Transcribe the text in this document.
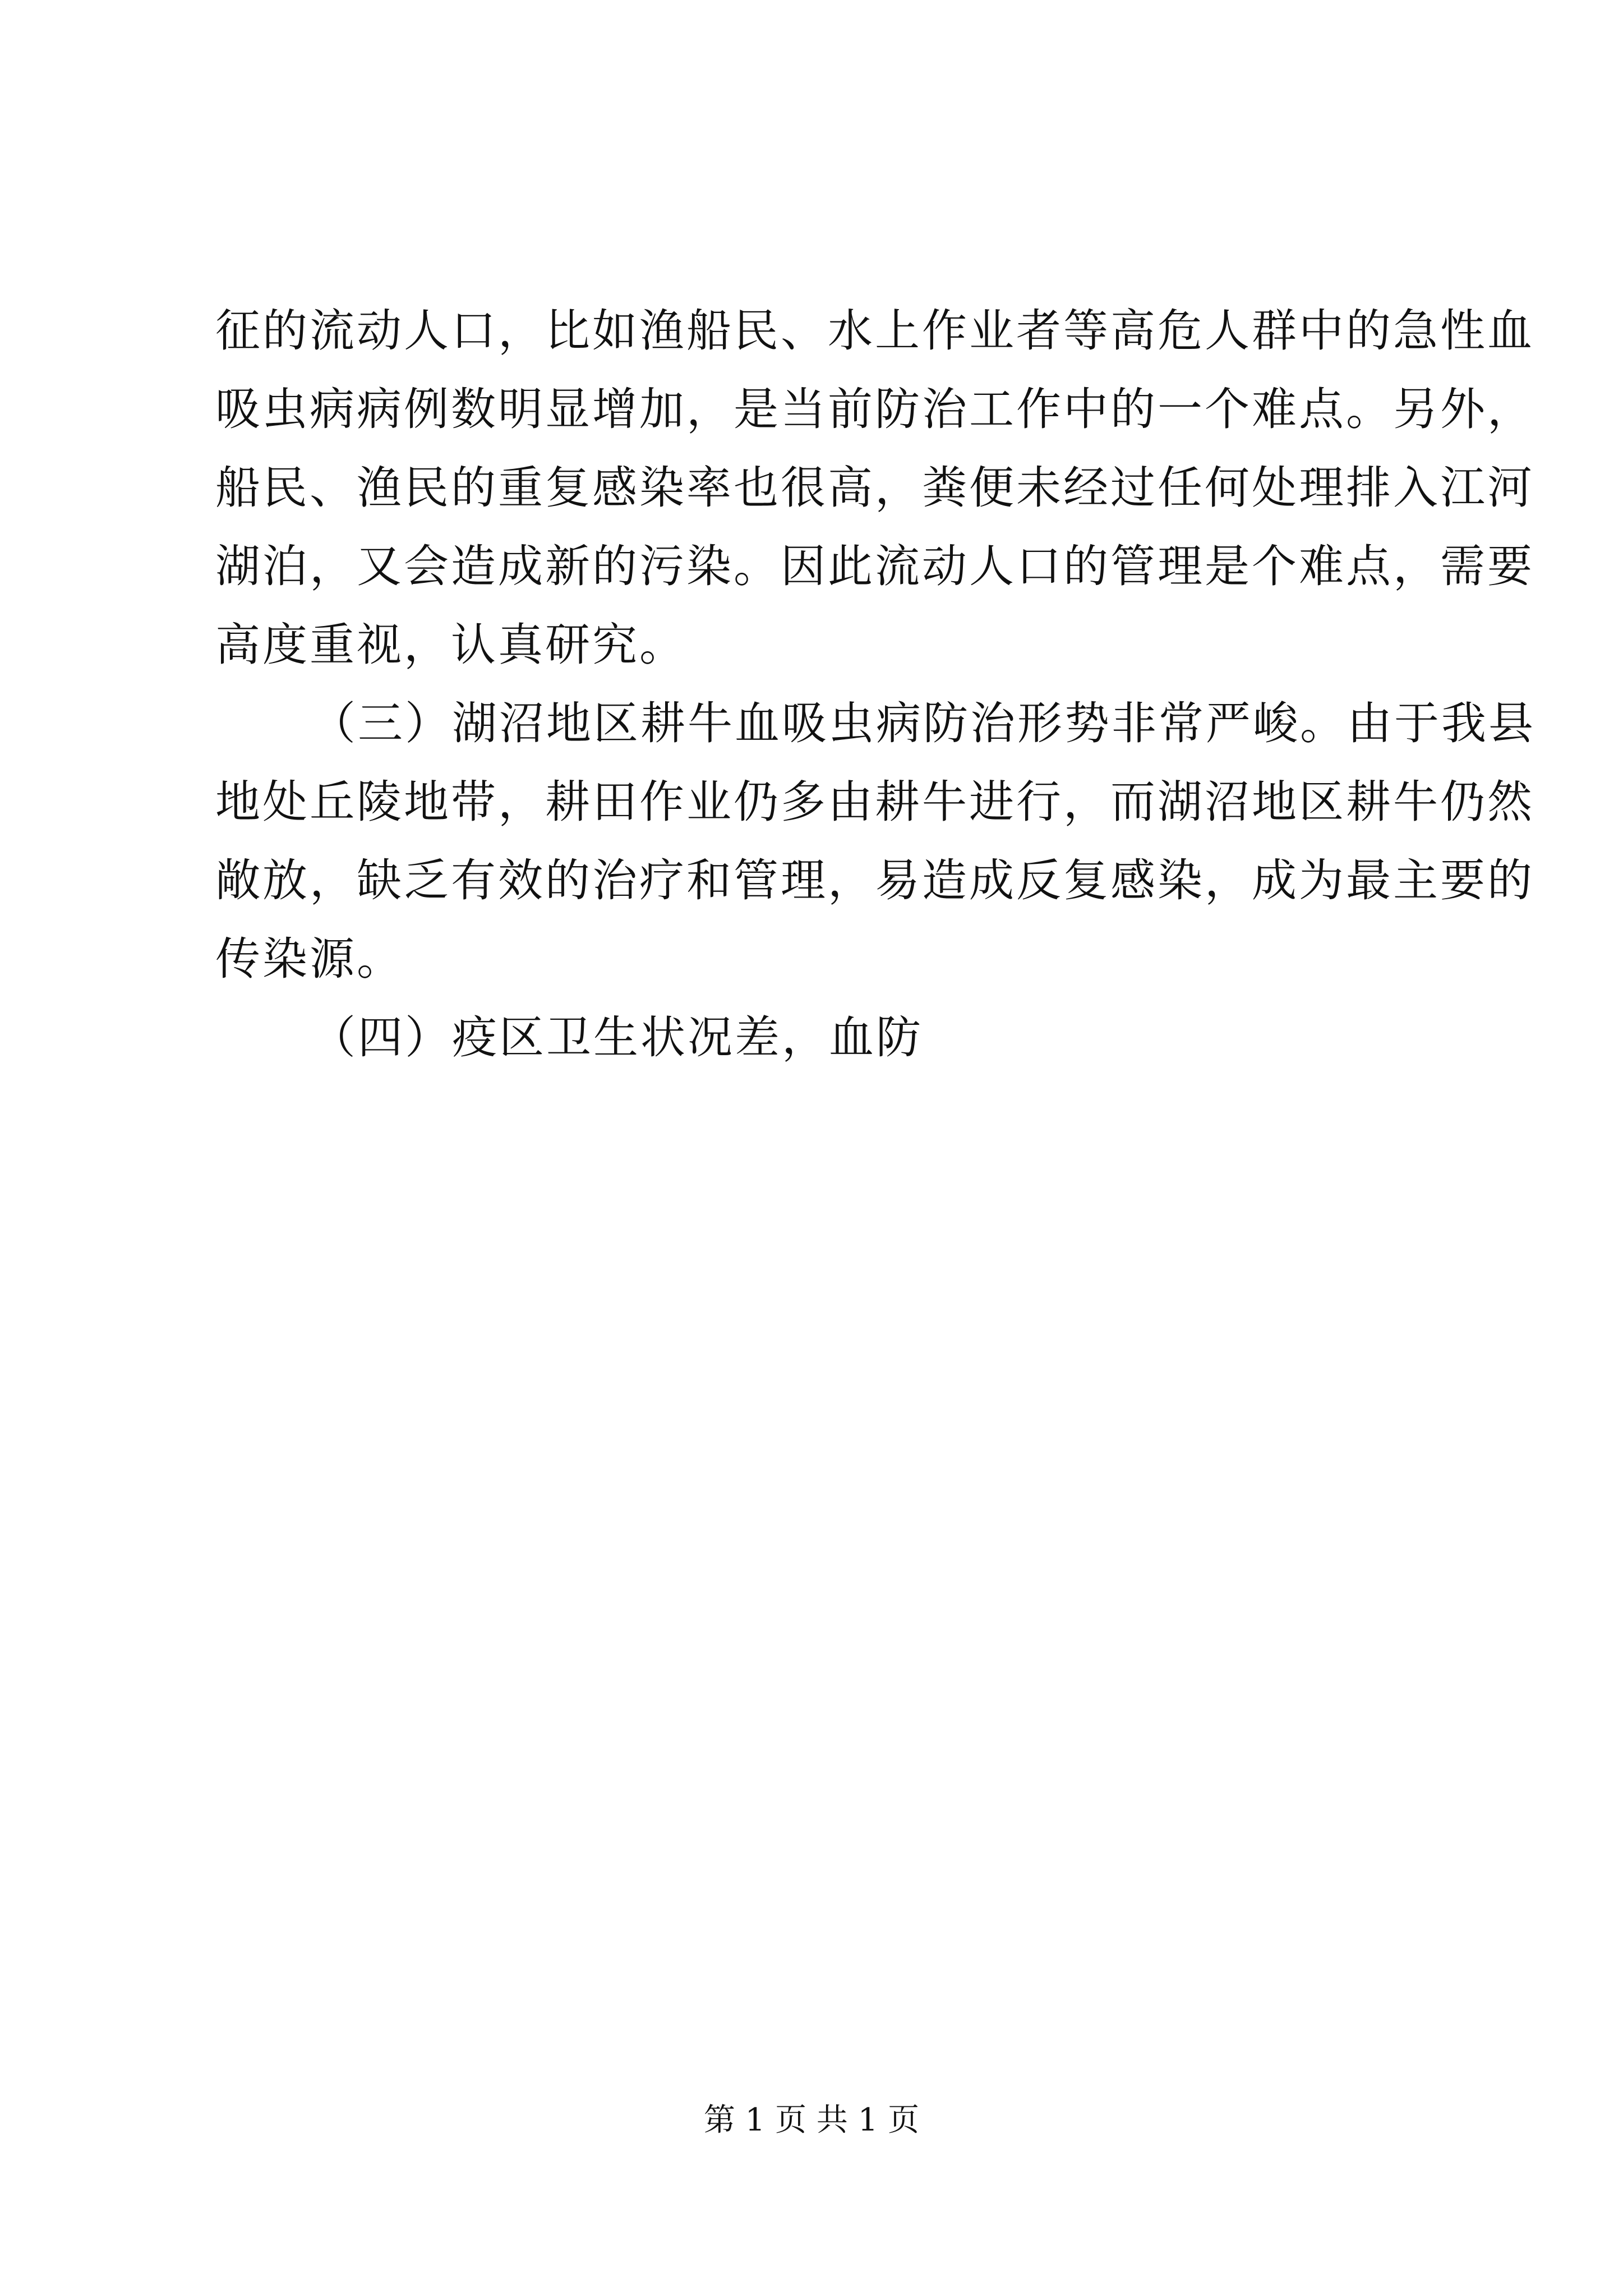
征的流动人口，比如渔船民、水上作业者等高危人群中的急性血
吸虫病病例数明显增加，是当前防治工作中的一个难点。另外，
船民、渔民的重复感染率也很高，粪便未经过任何处理排入江河
湖泊，又会造成新的污染。因此流动人口的管理是个难点，需要
高度重视，认真研究。
（三）湖沼地区耕牛血吸虫病防治形势非常严峻。由于我县
地处丘陵地带，耕田作业仍多由耕牛进行，而湖沼地区耕牛仍然
敞放，缺乏有效的治疗和管理，易造成反复感染，成为最主要的
传染源。
（四）疫区卫生状况差，血防
第 1 页 共 1 页
